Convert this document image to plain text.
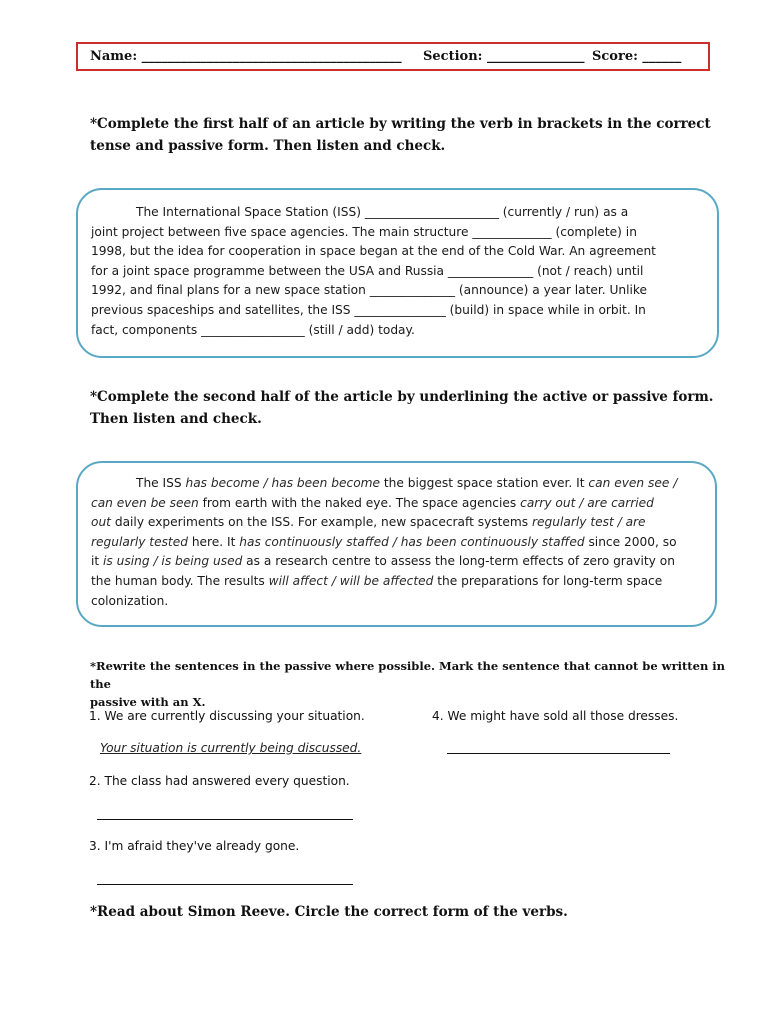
Name: ________________________________________ Section: _______________ Score: ______
*Complete the first half of an article by writing the verb in brackets in the correct
tense and passive form. Then listen and check.
The International Space Station (ISS) ______________________ (currently / run) as a
joint project between five space agencies. The main structure _____________ (complete) in
1998, but the idea for cooperation in space began at the end of the Cold War. An agreement
for a joint space programme between the USA and Russia ______________ (not / reach) until
1992, and final plans for a new space station ______________ (announce) a year later. Unlike
previous spaceships and satellites, the ISS _______________ (build) in space while in orbit. In
fact, components _________________ (still / add) today.
*Complete the second half of the article by underlining the active or passive form.
Then listen and check.
The ISS has become / has been become the biggest space station ever. It can even see /
can even be seen from earth with the naked eye. The space agencies carry out / are carried
out daily experiments on the ISS. For example, new spacecraft systems regularly test / are
regularly tested here. It has continuously staffed / has been continuously staffed since 2000, so
it is using / is being used as a research centre to assess the long-term effects of zero gravity on
the human body. The results will affect / will be affected the preparations for long-term space
colonization.
*Rewrite the sentences in the passive where possible. Mark the sentence that cannot be written in the
passive with an X.
1. We are currently discussing your situation.
Your situation is currently being discussed.
4. We might have sold all those dresses.
2. The class had answered every question.
3. I'm afraid they've already gone.
*Read about Simon Reeve. Circle the correct form of the verbs.
